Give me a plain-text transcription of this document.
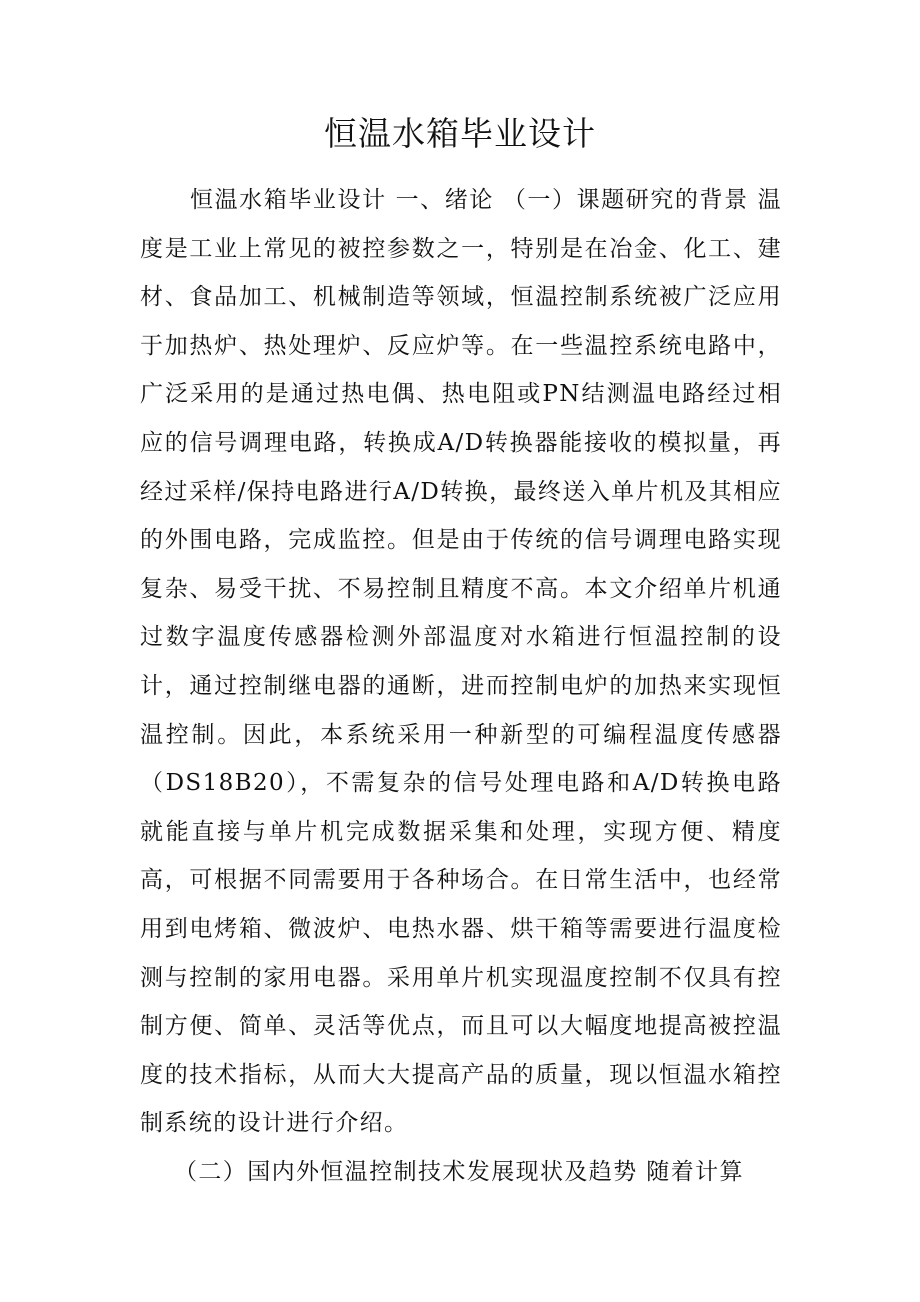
恒温水箱毕业设计

恒温水箱毕业设计 一、绪论 （一）课题研究的背景 温度是工业上常见的被控参数之一，特别是在冶金、化工、建材、食品加工、机械制造等领域，恒温控制系统被广泛应用于加热炉、热处理炉、反应炉等。在一些温控系统电路中，广泛采用的是通过热电偶、热电阻或PN结测温电路经过相应的信号调理电路，转换成A/D转换器能接收的模拟量，再经过采样/保持电路进行A/D转换，最终送入单片机及其相应的外围电路，完成监控。但是由于传统的信号调理电路实现复杂、易受干扰、不易控制且精度不高。本文介绍单片机通过数字温度传感器检测外部温度对水箱进行恒温控制的设计，通过控制继电器的通断，进而控制电炉的加热来实现恒温控制。因此，本系统采用一种新型的可编程温度传感器（DS18B20），不需复杂的信号处理电路和A/D转换电路就能直接与单片机完成数据采集和处理，实现方便、精度高，可根据不同需要用于各种场合。在日常生活中，也经常用到电烤箱、微波炉、电热水器、烘干箱等需要进行温度检测与控制的家用电器。采用单片机实现温度控制不仅具有控制方便、简单、灵活等优点，而且可以大幅度地提高被控温度的技术指标，从而大大提高产品的质量，现以恒温水箱控制系统的设计进行介绍。

（二）国内外恒温控制技术发展现状及趋势 随着计算
